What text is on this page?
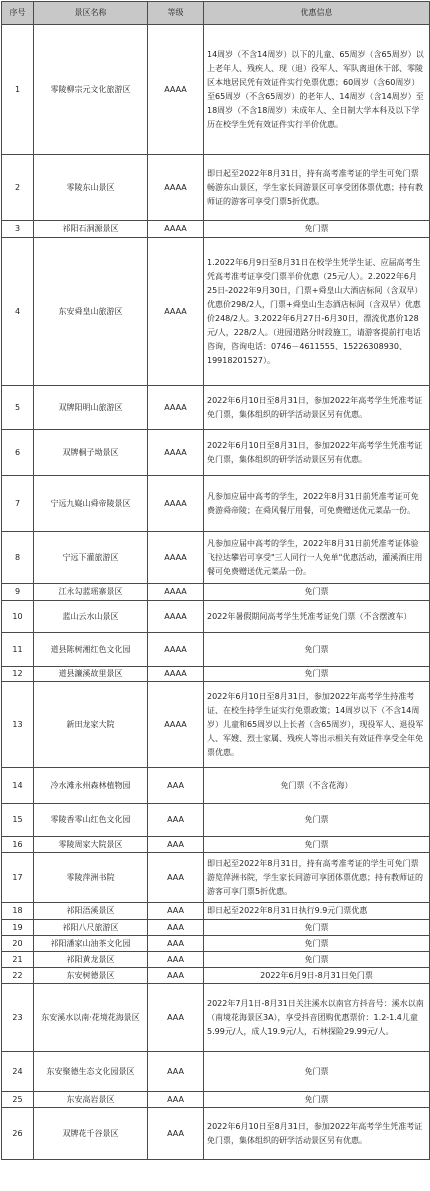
序号	景区名称	等级	优惠信息
1	零陵柳宗元文化旅游区	AAAA	14周岁（不含14周岁）以下的儿童、65周岁（含65周岁）以上老年人、残疾人、现（退）役军人、军队离退休干部、零陵区本地居民凭有效证件实行免票优惠；60周岁（含60周岁）至65周岁（不含65周岁）的老年人、14周岁（含14周岁）至18周岁（不含18周岁）未成年人、全日制大学本科及以下学历在校学生凭有效证件实行半价优惠。
2	零陵东山景区	AAAA	即日起至2022年8月31日，持有高考准考证的学生可免门票畅游东山景区，学生家长同游景区可享受团体票优惠；持有教师证的游客可享受门票5折优惠。
3	祁阳石洞源景区	AAAA	免门票
4	东安舜皇山旅游区	AAAA	1.2022年6月9日至8月31日在校学生凭学生证、应届高考生凭高考准考证享受门票半价优惠（25元/人）。2.2022年6月25日-2022年9月30日，门票+舜皇山大酒店标间（含双早）优惠价298/2人，门票+舜皇山生态酒店标间（含双早）优惠价248/2人。3.2022年6月27日-6月30日，漂流优惠价128元/人，228/2人。（进园道路分时段施工，请游客提前打电话咨询，咨询电话：0746－4611555、15226308930、19918201527）。
5	双牌阳明山旅游区	AAAA	2022年6月10日至8月31日，参加2022年高考学生凭准考证免门票，集体组织的研学活动景区另有优惠。
6	双牌桐子坳景区	AAAA	2022年6月10日至8月31日，参加2022年高考学生凭准考证免门票，集体组织的研学活动景区另有优惠。
7	宁远九嶷山舜帝陵景区	AAAA	凡参加应届中高考的学生，2022年8月31日前凭准考证可免费游舜帝陵；在舜风餐厅用餐，可免费赠送优元菜品一份。
8	宁远下灌旅游区	AAAA	凡参加应届中高考的学生，2022年8月31日前凭准考证体验飞拉达攀岩可享受"三人同行一人免单"优惠活动，灌溪酒庄用餐可免费赠送优元菜品一份。
9	江永勾蓝瑶寨景区	AAAA	免门票
10	蓝山云水山景区	AAAA	2022年暑假期间高考学生凭准考证免门票（不含摆渡车）
11	道县陈树湘红色文化园	AAAA	免门票
12	道县濂溪故里景区	AAAA	免门票
13	新田龙家大院	AAAA	2022年6月10日至8月31日，参加2022年高考学生持准考证、在校生持学生证实行免票政策；14周岁以下（不含14周岁）儿童和65周岁以上长者（含65周岁），现役军人、退役军人、军嫂、烈士家属、残疾人等出示相关有效证件享受全年免票优惠。
14	冷水滩永州森林植物园	AAA	免门票（不含花海）
15	零陵香零山红色文化园	AAA	免门票
16	零陵周家大院景区	AAA	免门票
17	零陵萍洲书院	AAA	即日起至2022年8月31日，持有高考准考证的学生可免门票游览萍洲书院，学生家长同游可享团体票优惠；持有教师证的游客可享门票5折优惠。
18	祁阳浯溪景区	AAA	即日起至2022年8月31日执行9.9元门票优惠
19	祁阳八尺旅游区	AAA	免门票
20	祁阳潘家山油茶文化园	AAA	免门票
21	祁阳黄龙景区	AAA	免门票
22	东安树德景区	AAA	2022年6月9日-8月31日免门票
23	东安溪水以南·花境花海景区	AAA	2022年7月1日-8月31日关注溪水以南官方抖音号：溪水以南（南境花海景区3A），享受抖音团购优惠票价：1.2-1.4儿童5.99元/人，成人19.9元/人，石林探险29.99元/人。
24	东安聚德生态文化园景区	AAA	免门票
25	东安高岩景区	AAA	免门票
26	双牌花千谷景区	AAA	2022年6月10日至8月31日，参加2022年高考学生凭准考证免门票，集体组织的研学活动景区另有优惠。
